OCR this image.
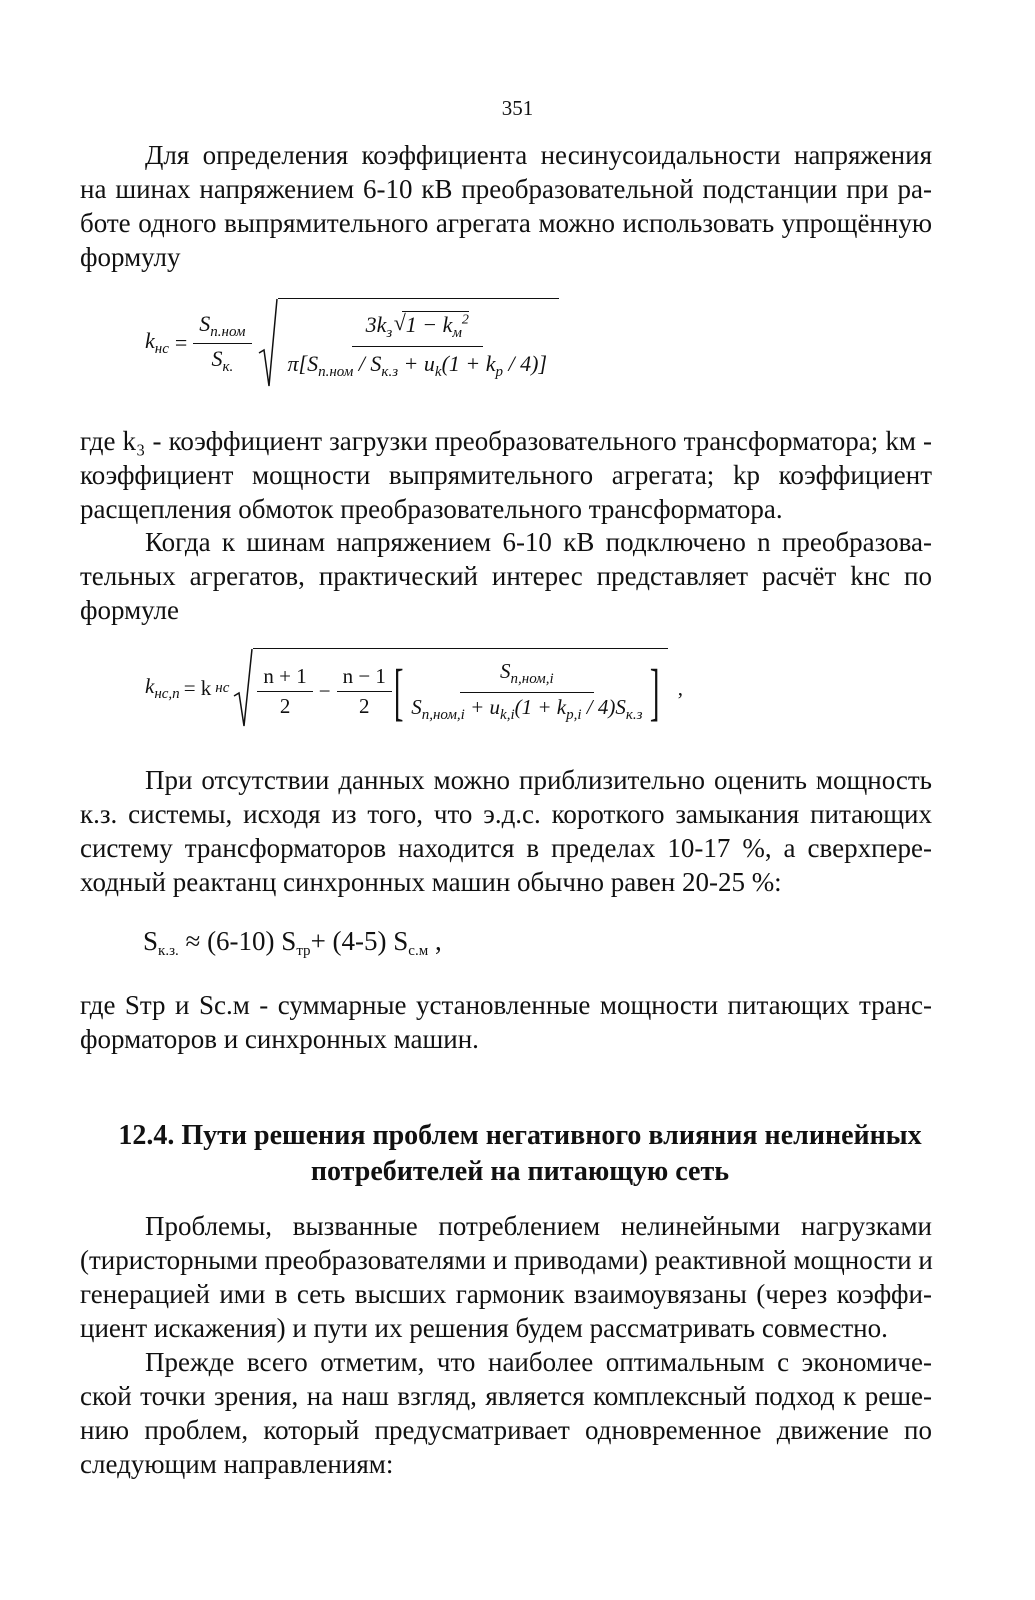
351
Для определения коэффициента несинусоидальности напряжения
на шинах напряжением 6-10 кВ преобразовательной подстанции при ра-
боте одного выпрямительного агрегата можно использовать упрощённую
формулу
$k_{нс} = \frac{S_{п.ном}}{S_{к.}} \frac{3k_з √ 1 - k_м^2}{\pi[S_{п.ном} / S_{к.з} + u_k(1 + k_р / 4)]}$
где k₃ - коэффициент загрузки преобразовательного трансформатора; kм -
коэффициент мощности выпрямительного агрегата; kр коэффициент
расщепления обмоток преобразовательного трансформатора.
Когда к шинам напряжением 6-10 кВ подключено n преобразова-
тельных агрегатов, практический интерес представляет расчёт kнс по
формуле
$k_{нс,n} = k$ нс $\frac{n + 1}{2} - \frac{n - 1}{2}$ [ $\frac{S_{п,ном,i}}{S_{п,ном,i} + u_{k,i}(1 + k_{p,i} / 4)S_{к.з}}$ ] ,
При отсутствии данных можно приблизительно оценить мощность
к.з. системы, исходя из того, что э.д.с. короткого замыкания питающих
систему трансформаторов находится в пределах 10-17 %, а сверхпере-
ходный реактанц синхронных машин обычно равен 20-25 %:
$S_{к.з.} \approx (6-10)$ $S_{тр}+ (4-5)$ $S_{с.м}$ ,
где Sтр и Sс.м - суммарные установленные мощности питающих транс-
форматоров и синхронных машин.
12.4. Пути решения проблем негативного влияния нелинейных
потребителей на питающую сеть
Проблемы, вызванные потреблением нелинейными нагрузками
(тиристорными преобразователями и приводами) реактивной мощности и
генерацией ими в сеть высших гармоник взаимоувязаны (через коэффи-
циент искажения) и пути их решения будем рассматривать совместно.
Прежде всего отметим, что наиболее оптимальным с экономиче-
ской точки зрения, на наш взгляд, является комплексный подход к реше-
нию проблем, который предусматривает одновременное движение по
следующим направлениям:
